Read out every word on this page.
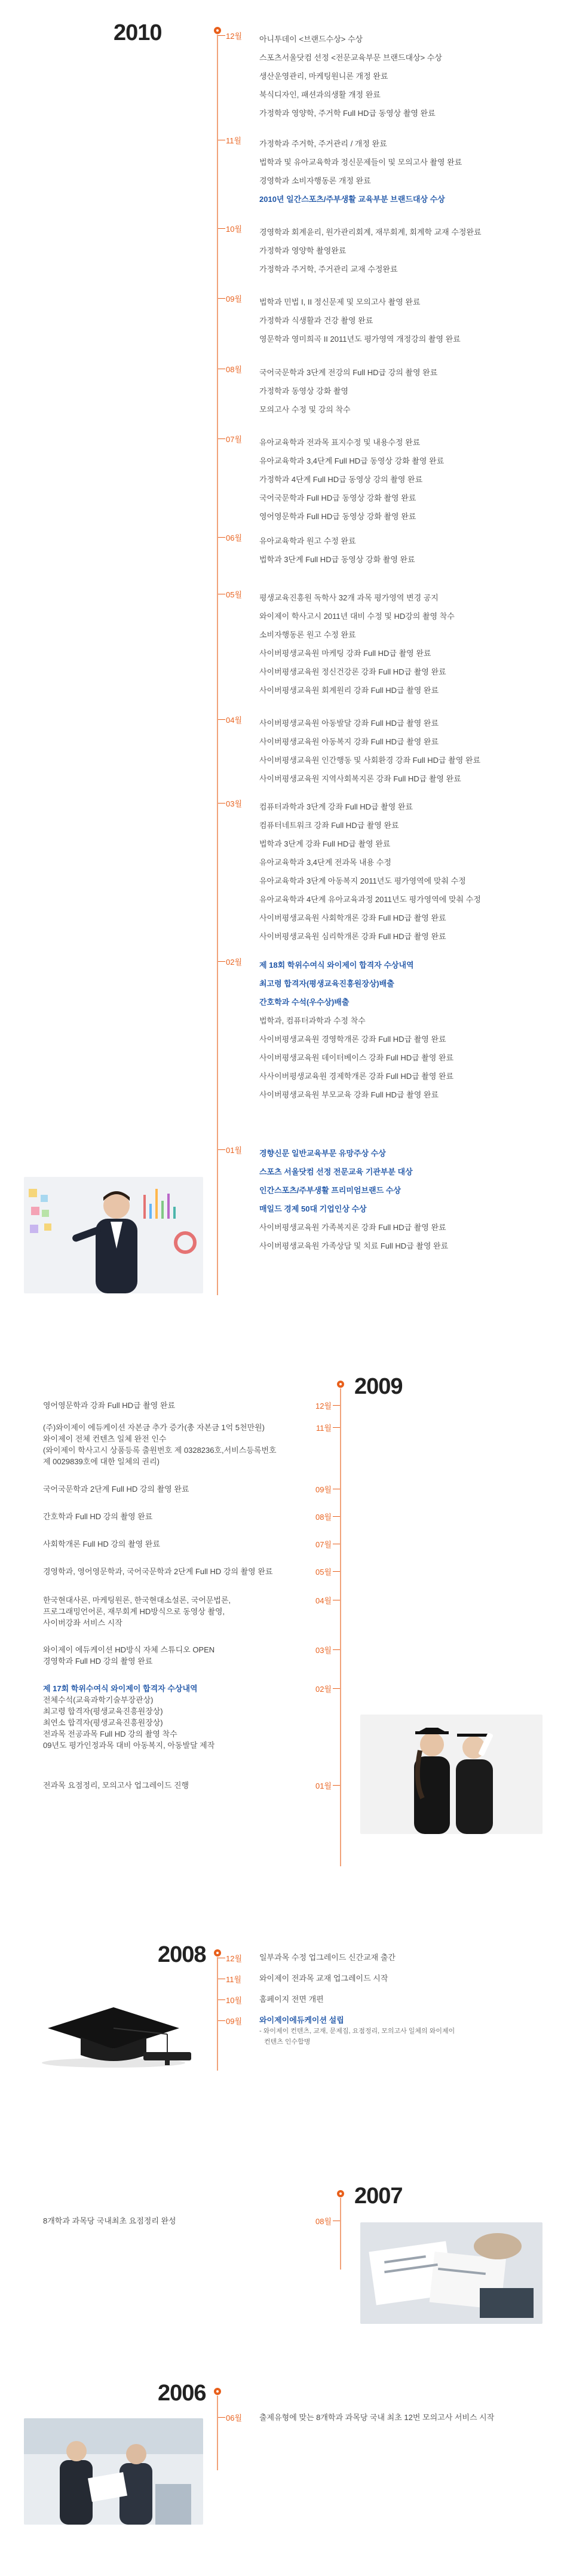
2010	12월 아니투데이 <브랜드수상> 수상
스포츠서울닷컴 선정 <전문교육부문 브랜드대상> 수상
생산운영관리, 마케팅원니론 개정 완료
북식디자인, 패션과의생활 개정 완료
가정학과 영양학, 주거학 Full HD급 동영상 촬영 완료
11월 가정학과 주거학, 주거관리 / 개정 완료
법학과 및 유아교육학과 정신문제들이 및 모의고사 촬영 완료
경영학과 소비자행동론 개정 완료
2010년 일간스포츠/주부생활 교육부분 브랜드대상 수상
10월 경영학과 회계윤리, 원가관리회계, 재무회계, 회계학 교재 수정완료
가정학과 영양학 촬영완료
가정학과 주거학, 주거관리 교재 수정완료
09월 법학과 민법 I, II 정신문제 및 모의고사 촬영 완료
가정학과 식생활과 건강 촬영 완료
영문학과 영미희곡 II 2011년도 평가영역 개정강의 촬영 완료
08월 국어국문학과 3단계 전강의 Full HD급 강의 촬영 완료
가정학과 동영상 강화 촬영
모의고사 수정 및 강의 착수
07월 유아교육학과 전과목 표지수정 및 내용수정 완료
유아교육학과 3,4단계 Full HD급 동영상 강화 촬영 완료
가정학과 4단계 Full HD급 동영상 강의 촬영 완료
국어국문학과 Full HD급 동영상 강화 촬영 완료
영어영문학과 Full HD급 동영상 강화 촬영 완료
06월 유아교육학과 원고 수정 완료
법학과 3단계 Full HD급 동영상 강화 촬영 완료
05월 평생교육진흥원 독학사 32개 과목 평가영역 변경 공지
와이제이 학사고시 2011년 대비 수정 및 HD강의 촬영 착수
소비자행동론 원고 수정 완료
사이버평생교육원 마케팅 강좌 Full HD급 촬영 완료
사이버평생교육원 정신건강론 강좌 Full HD급 촬영 완료
사이버평생교육원 회계원리 강좌 Full HD급 촬영 완료
04월 사이버평생교육원 아동발달 강좌 Full HD급 촬영 완료
사이버평생교육원 아동복지 강좌 Full HD급 촬영 완료
사이버평생교육원 인간행동 및 사회환경 강좌 Full HD급 촬영 완료
사이버평생교육원 지역사회복지론 강좌 Full HD급 촬영 완료
03월 컴퓨터과학과 3단계 강좌 Full HD급 촬영 완료
컴퓨터네트워크 강좌 Full HD급 촬영 완료
법학과 3단계 강좌 Full HD급 촬영 완료
유아교육학과 3,4단계 전과목 내용 수정
유아교육학과 3단계 아동복지 2011년도 평가영역에 맞춰 수정
유아교육학과 4단계 유아교육과정 2011년도 평가영역에 맞춰 수정
사이버평생교육원 사회학개론 강좌 Full HD급 촬영 완료
사이버평생교육원 심리학개론 강좌 Full HD급 촬영 완료
02월 제 18회 학위수여식 와이제이 합격자 수상내역
최고령 합격자(평생교육진흥원장상)배출
간호학과 수석(우수상)배출
법학과, 컴퓨터과학과 수정 착수
사이버평생교육원 경영학개론 강좌 Full HD급 촬영 완료
사이버평생교육원 데이터베이스 강좌 Full HD급 촬영 완료
사사이버평생교육원 경제학개론 강좌 Full HD급 촬영 완료
사이버평생교육원 부모교육 강좌 Full HD급 촬영 완료
01월 경향신문 일반교육부문 유망주상 수상
스포츠 서울닷컴 선정 전문교육 기관부분 대상
인간스포츠/주부생활 프리미엄브랜드 수상
매일드 경제 50대 기업인상 수상
사이버평생교육원 가족복지론 강좌 Full HD급 촬영 완료
사이버평생교육원 가족상담 및 치료 Full HD급 촬영 완료
2009
12월
영어영문학과 강좌 Full HD급 촬영 완료
11월
(주)와이제이 에듀케이션 자본금 추가 증가(총 자본금 1억 5천만원)
와이제이 전체 컨텐츠 일체 완전 인수
(와이제이 학사고시 상품등록 출원번호 제 0328236호,서비스등록번호
제 0029839호에 대한 일체의 권리)
09월
국어국문학과 2단계 Full HD 강의 촬영 완료
08월
간호학과 Full HD 강의 촬영 완료
07월
사회학개론 Full HD 강의 촬영 완료
05월
경영학과, 영어영문학과, 국어국문학과 2단계 Full HD 강의 촬영 완료
04월
한국현대사론, 마케팅원론, 한국현대소설론, 국어문법론,
프로그래밍언어론, 재무회계 HD방식으로 동영상 촬영,
사이버강좌 서비스 시작
03월
와이제이 에듀케이션 HD방식 자체 스튜디오 OPEN
경영학과 Full HD 강의 촬영 완료
02월
제 17회 학위수여식 와이제이 합격자 수상내역
전체수석(교육과학기술부장관상)
최고령 합격자(평생교육진흥원장상)
최연소 합격자(평생교육진흥원장상)
전과목 전공과목 Full HD 강의 촬영 착수
09년도 평가인정과목 대비 아동복지, 아동발달 제작
01월
전과목 요점정리, 모의고사 업그레이드 진행
2008	12월 일부과목 수정 업그레이드 신간교재 출간
11월 와이제이 전과목 교재 업그레이드 시작
10월 홈페이지 전면 개편
09월 와이제이에듀케이션 설립
- 와이제이 컨텐츠, 교재, 문제집, 요점정리, 모의고사 일체의 와이제이
컨텐츠 인수합병
2007
08월
8개학과 과목당 국내최초 요점정리 완성
2006
06월 출제유형에 맞는 8개학과 과목당 국내 최초 12번 모의고사 서비스 시작
